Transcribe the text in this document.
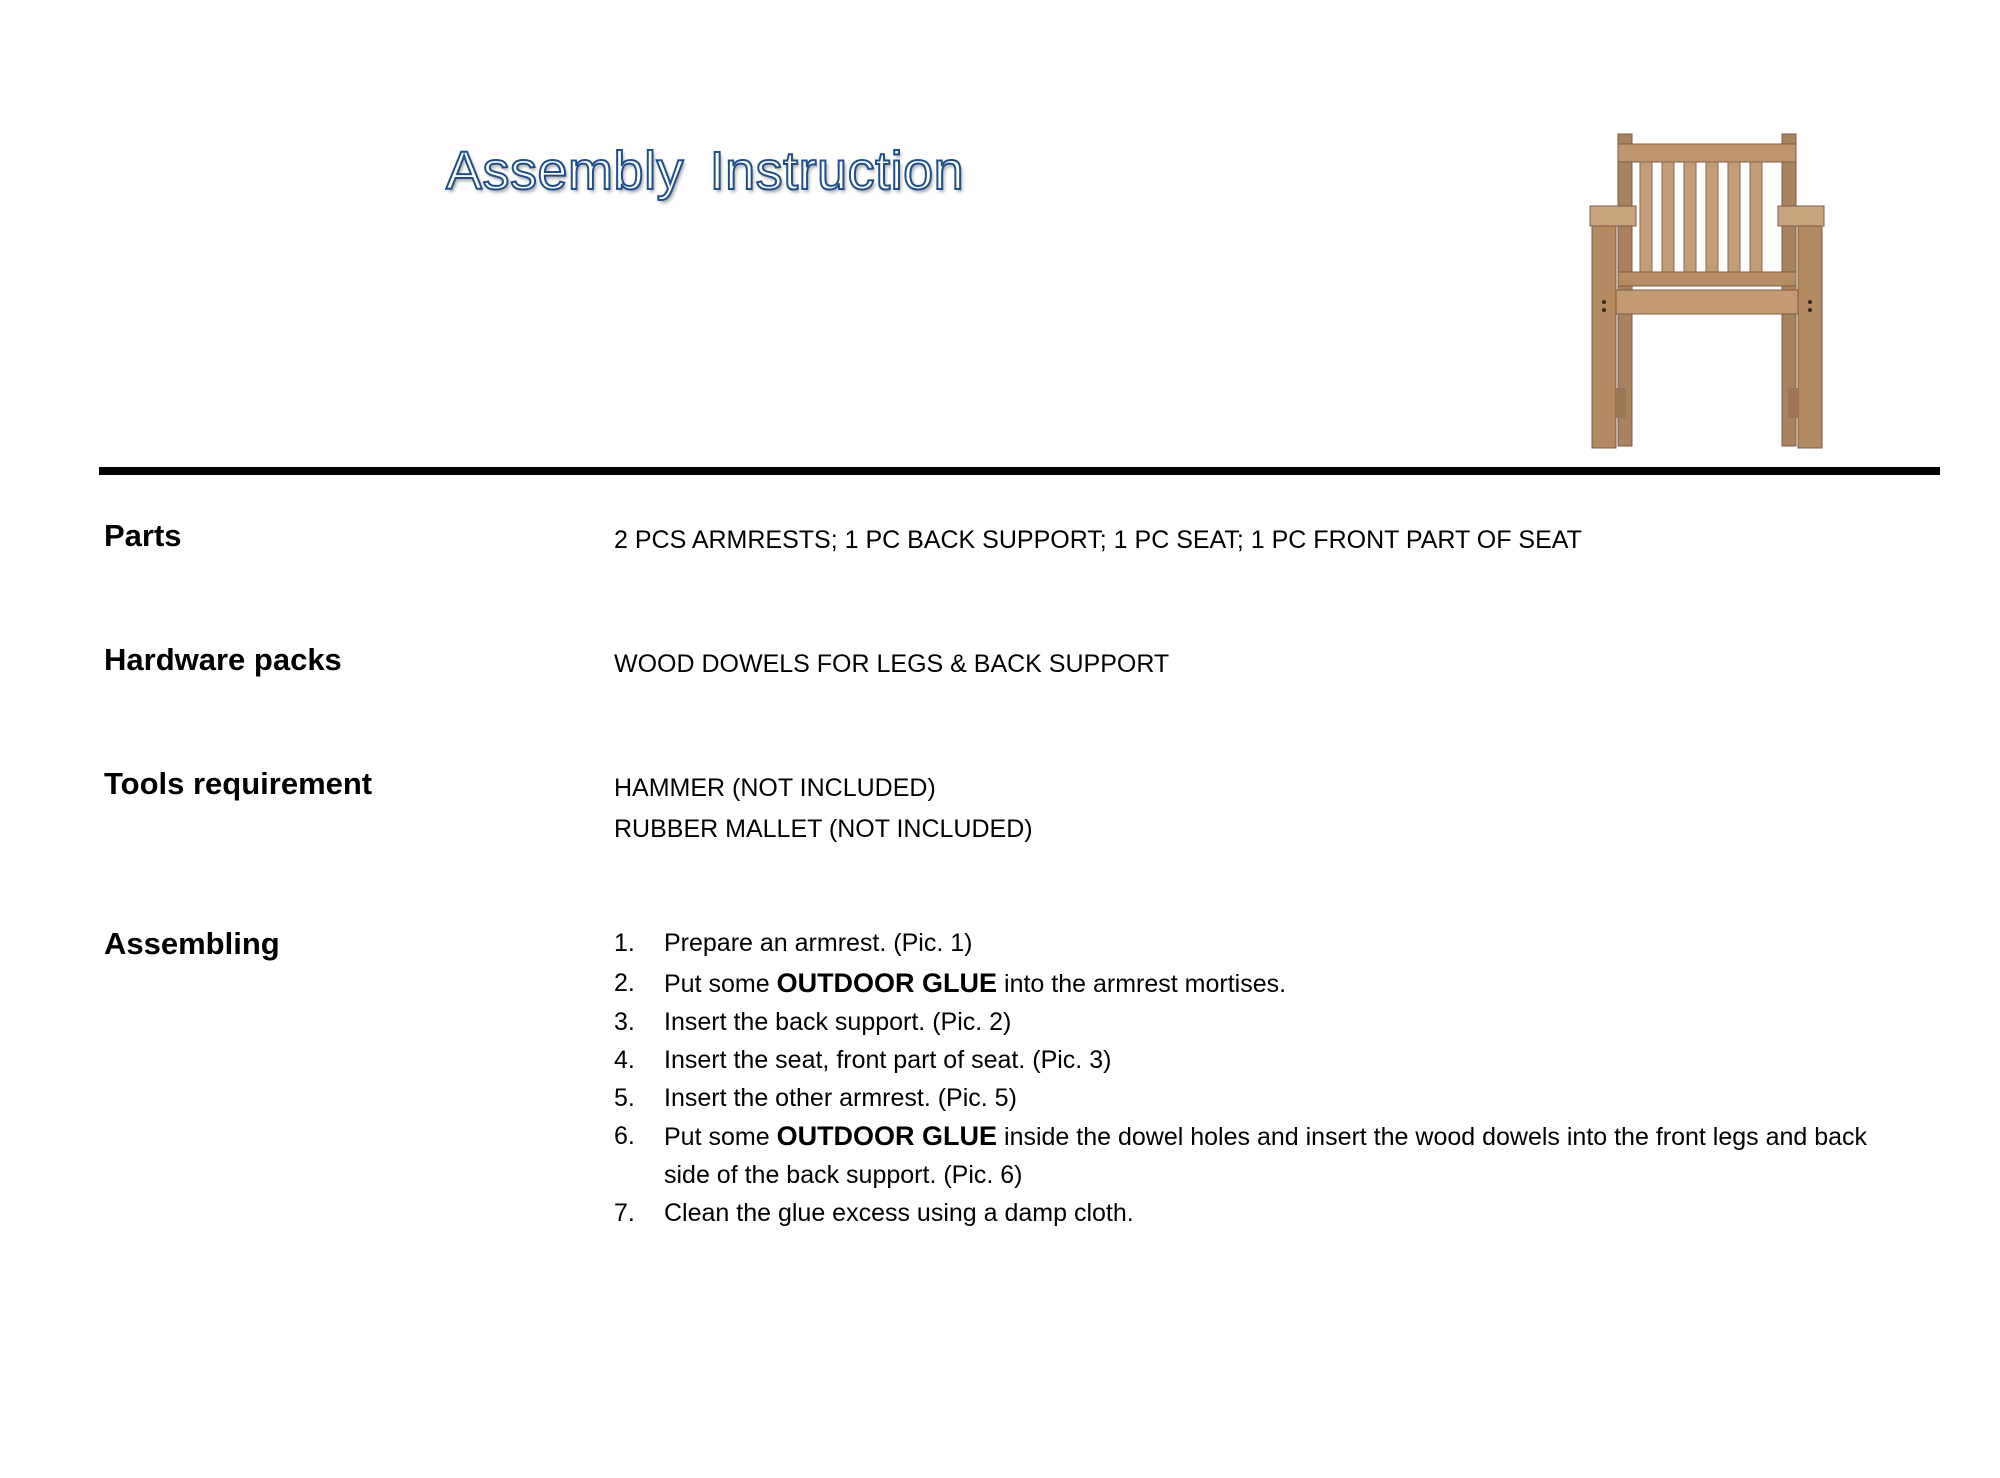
Assembly Instruction
Parts	2 PCS ARMRESTS; 1 PC BACK SUPPORT; 1 PC SEAT; 1 PC FRONT PART OF SEAT
Hardware packs	WOOD DOWELS FOR LEGS & BACK SUPPORT
Tools requirement	HAMMER (NOT INCLUDED)
RUBBER MALLET (NOT INCLUDED)
Assembling	1. Prepare an armrest. (Pic. 1)
2. Put some OUTDOOR GLUE into the armrest mortises.
3. Insert the back support. (Pic. 2)
4. Insert the seat, front part of seat. (Pic. 3)
5. Insert the other armrest. (Pic. 5)
6. Put some OUTDOOR GLUE inside the dowel holes and insert the wood dowels into the front legs and back side of the back support. (Pic. 6)
7. Clean the glue excess using a damp cloth.
